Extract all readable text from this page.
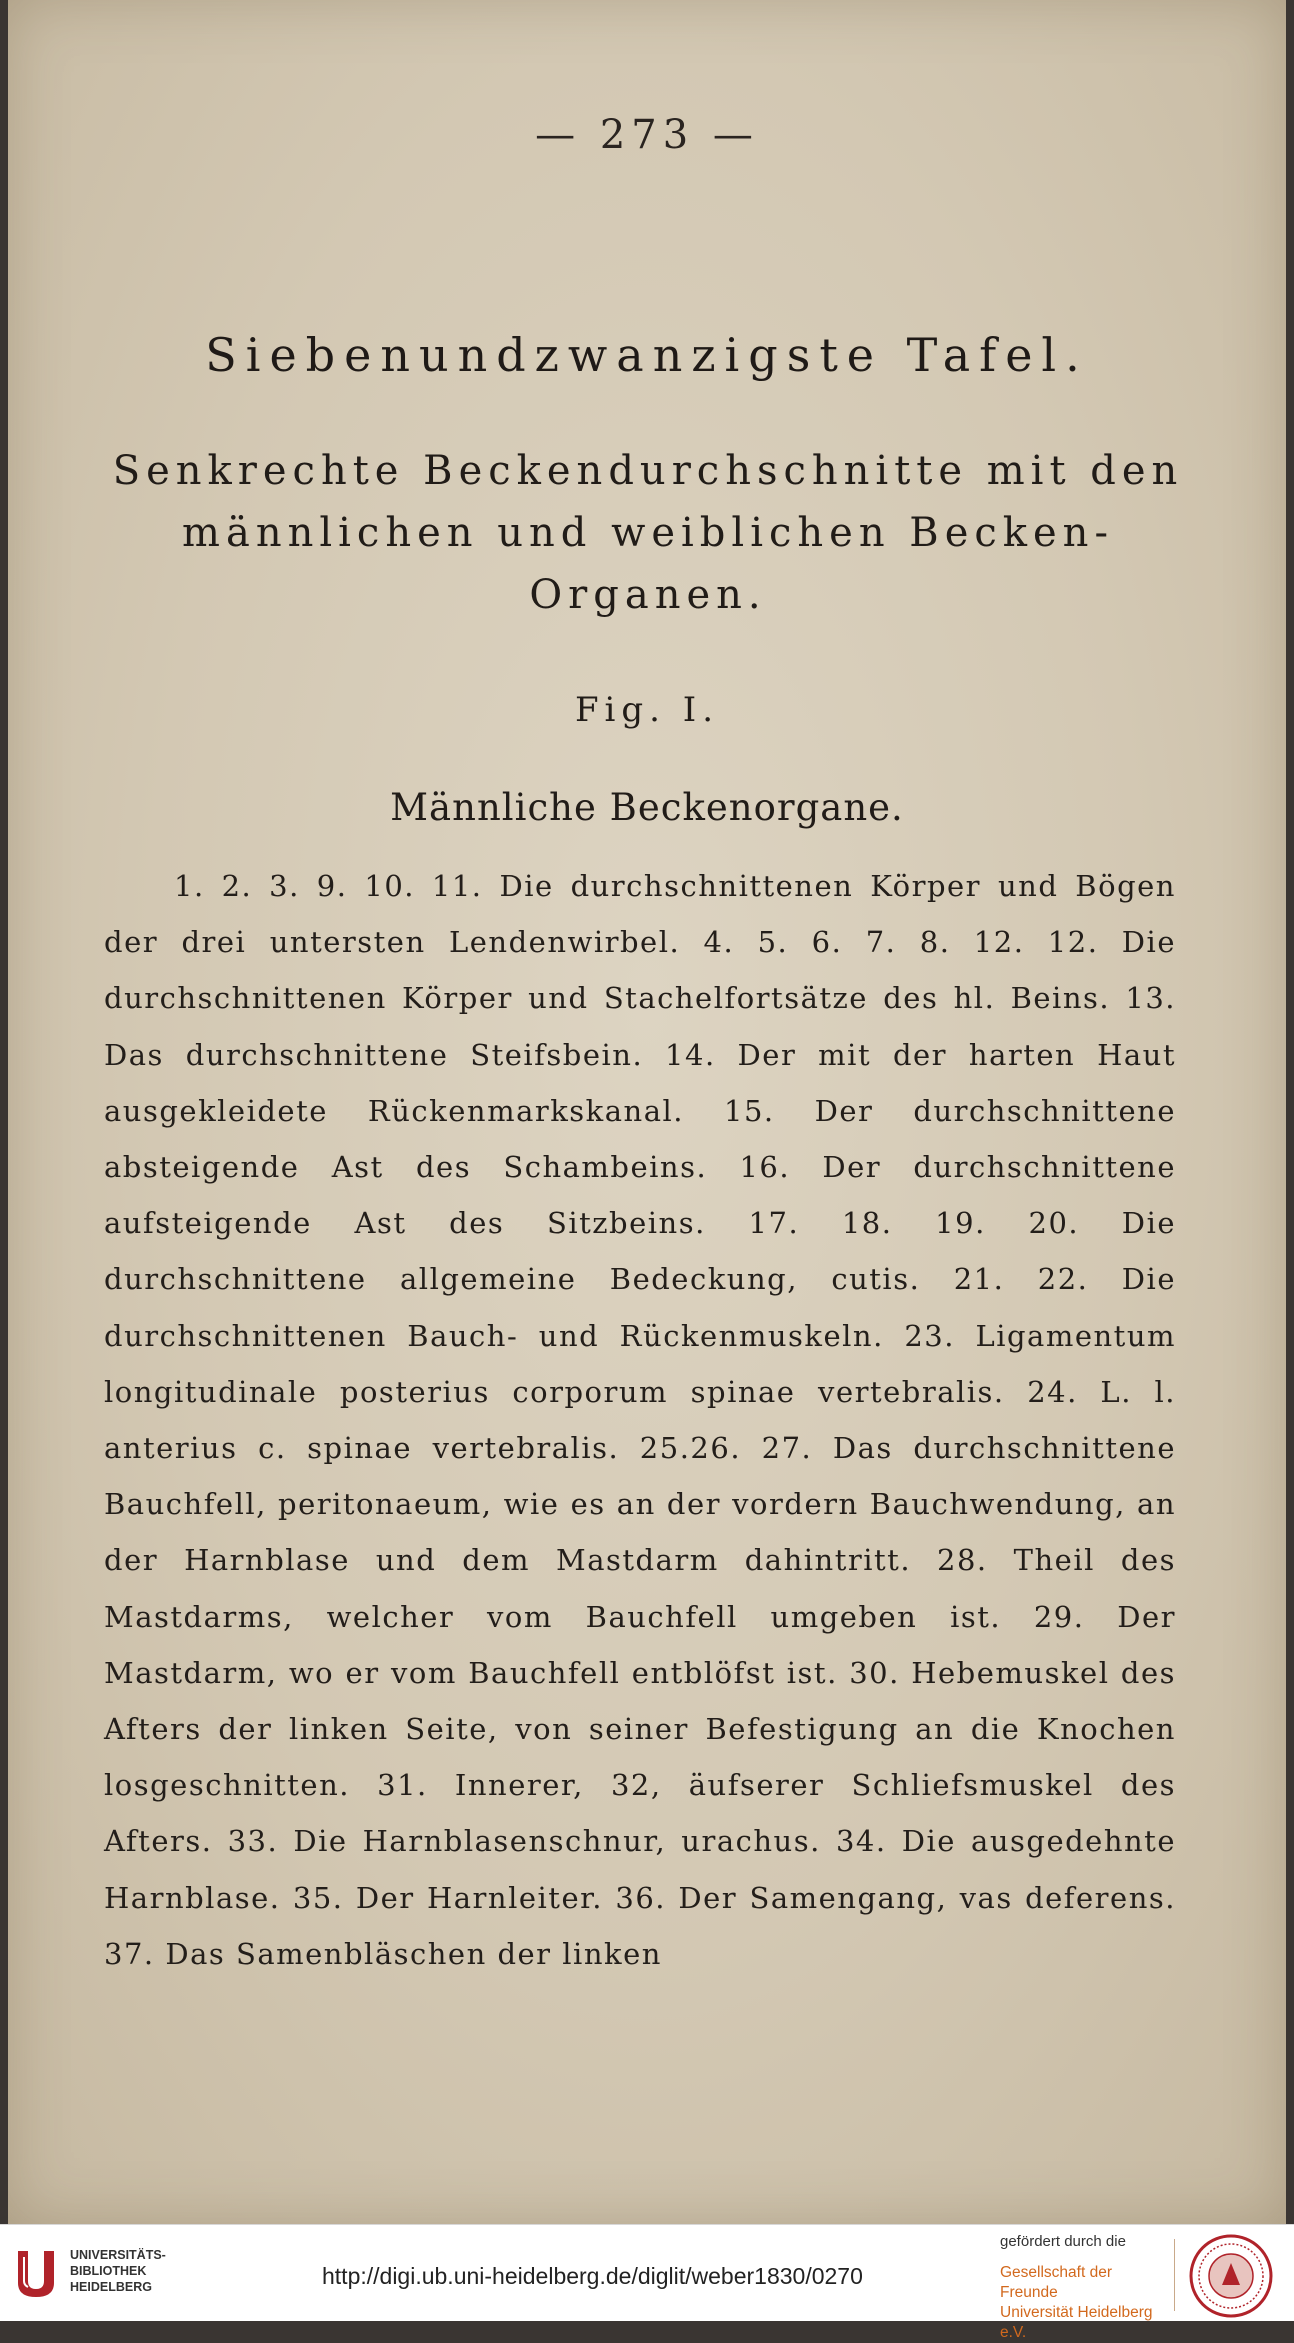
— 273 —
Siebenundzwanzigste Tafel.
Senkrechte Beckendurchschnitte mit den männlichen und weiblichen Becken-Organen.
Fig. I.
Männliche Beckenorgane.
1. 2. 3. 9. 10. 11. Die durchschnittenen Körper und Bögen der drei untersten Lendenwirbel. 4. 5. 6. 7. 8. 12. 12. Die durchschnittenen Körper und Stachelfortsätze des hl. Beins. 13. Das durchschnittene Steifsbein. 14. Der mit der harten Haut ausgekleidete Rückenmarkskanal. 15. Der durchschnittene absteigende Ast des Schambeins. 16. Der durchschnittene aufsteigende Ast des Sitzbeins. 17. 18. 19. 20. Die durchschnittene allgemeine Bedeckung, cutis. 21. 22. Die durchschnittenen Bauch- und Rückenmuskeln. 23. Ligamentum longitudinale posterius corporum spinae vertebralis. 24. L. l. anterius c. spinae vertebralis. 25.26. 27. Das durchschnittene Bauchfell, peritonaeum, wie es an der vordern Bauchwendung, an der Harnblase und dem Mastdarm dahintritt. 28. Theil des Mastdarms, welcher vom Bauchfell umgeben ist. 29. Der Mastdarm, wo er vom Bauchfell entblöfst ist. 30. Hebemuskel des Afters der linken Seite, von seiner Befestigung an die Knochen losgeschnitten. 31. Innerer, 32, äufserer Schliefsmuskel des Afters. 33. Die Harnblasenschnur, urachus. 34. Die ausgedehnte Harnblase. 35. Der Harnleiter. 36. Der Samengang, vas deferens. 37. Das Samenbläschen der linken
UNIVERSITÄTS-
BIBLIOTHEK
HEIDELBERG	http://digi.ub.uni-heidelberg.de/diglit/weber1830/0270
gefördert durch die
Gesellschaft der Freunde
Universität Heidelberg e.V.
